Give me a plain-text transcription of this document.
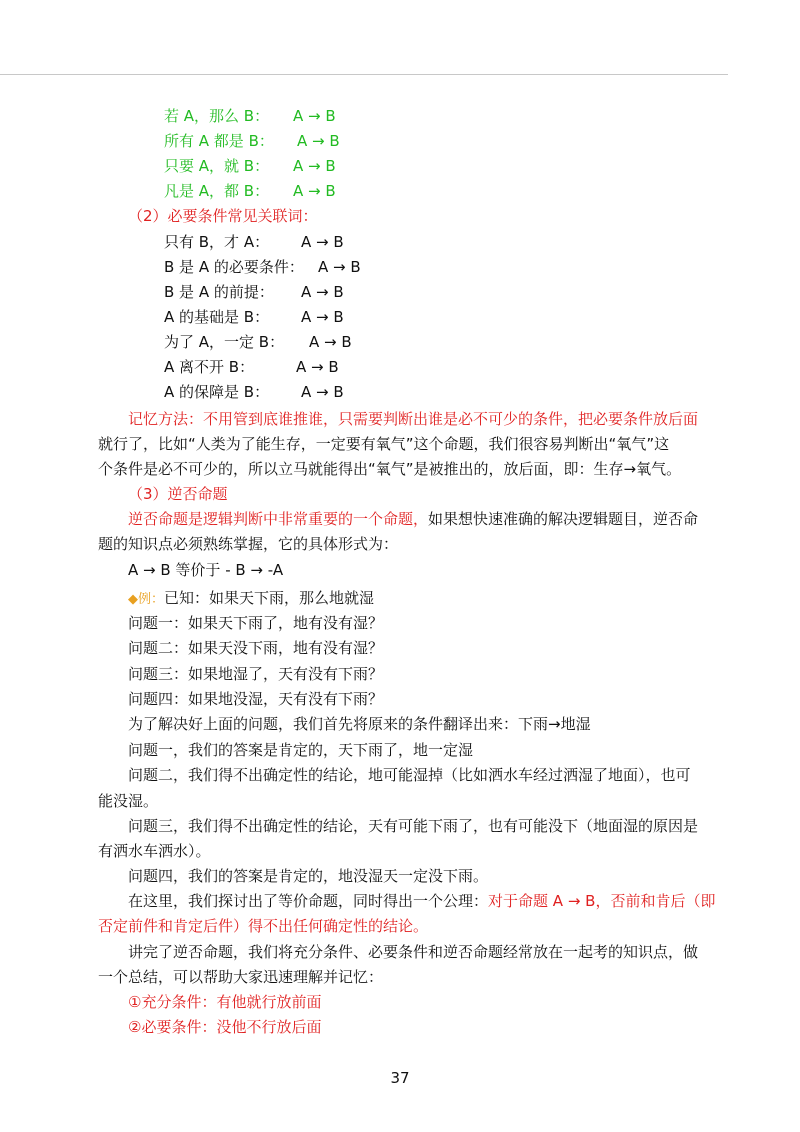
若 A，那么 B： A → B
所有 A 都是 B： A → B
只要 A，就 B： A → B
凡是 A，都 B： A → B
（2）必要条件常见关联词：
只有 B，才 A： A → B
B 是 A 的必要条件： A → B
B 是 A 的前提： A → B
A 的基础是 B： A → B
为了 A，一定 B： A → B
A 离不开 B：	A → B
A 的保障是 B： A → B
记忆方法：不用管到底谁推谁，只需要判断出谁是必不可少的条件，把必要条件放后面
就行了，比如“人类为了能生存，一定要有氧气”这个命题，我们很容易判断出“氧气”这
个条件是必不可少的，所以立马就能得出“氧气”是被推出的，放后面，即：生存→氧气。
（3）逆否命题
逆否命题是逻辑判断中非常重要的一个命题，如果想快速准确的解决逻辑题目，逆否命
题的知识点必须熟练掌握，它的具体形式为：
A → B 等价于 - B → -A
◆例：已知：如果天下雨，那么地就湿
问题一：如果天下雨了，地有没有湿？
问题二：如果天没下雨，地有没有湿？
问题三：如果地湿了，天有没有下雨？
问题四：如果地没湿，天有没有下雨？
为了解决好上面的问题，我们首先将原来的条件翻译出来：下雨→地湿
问题一，我们的答案是肯定的，天下雨了，地一定湿
问题二，我们得不出确定性的结论，地可能湿掉（比如洒水车经过洒湿了地面），也可
能没湿。
问题三，我们得不出确定性的结论，天有可能下雨了，也有可能没下（地面湿的原因是
有洒水车洒水）。
问题四，我们的答案是肯定的，地没湿天一定没下雨。
在这里，我们探讨出了等价命题，同时得出一个公理：对于命题 A → B，否前和肯后（即
否定前件和肯定后件）得不出任何确定性的结论。
讲完了逆否命题，我们将充分条件、必要条件和逆否命题经常放在一起考的知识点，做
一个总结，可以帮助大家迅速理解并记忆：
①充分条件：有他就行放前面
②必要条件：没他不行放后面
37
